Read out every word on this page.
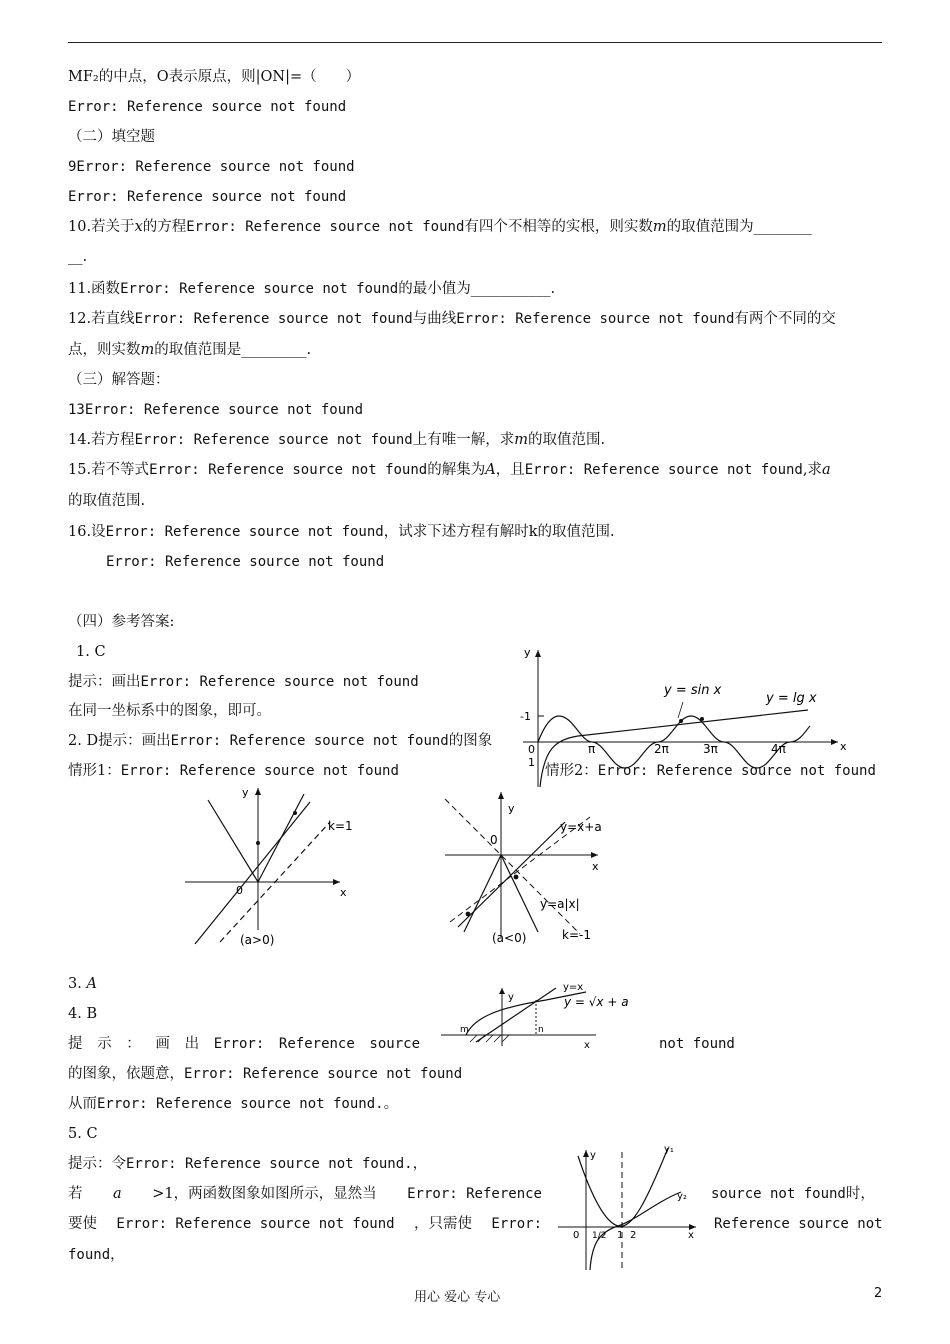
MF₂的中点，O表示原点，则|ON|=（　　）
Error: Reference source not found
（二）填空题
9Error: Reference source not found
Error: Reference source not found
10.若关于x的方程Error: Reference source not found有四个不相等的实根，则实数m的取值范围为________
__.
11.函数Error: Reference source not found的最小值为___________.
12.若直线Error: Reference source not found与曲线Error: Reference source not found有两个不同的交
点，则实数m的取值范围是_________.
（三）解答题：
13Error: Reference source not found
14.若方程Error: Reference source not found上有唯一解，求m的取值范围.
15.若不等式Error: Reference source not found的解集为A，且Error: Reference source not found,求a
的取值范围.
16.设Error: Reference source not found，试求下述方程有解时k的取值范围.
Error: Reference source not found
（四）参考答案:
1. C
提示：画出Error: Reference source not found
在同一坐标系中的图象，即可。
2. D提示：画出Error: Reference source not found的图象
情形1：Error: Reference source not found	情形2：Error: Reference source not found
y
x
y = sin x
y = lg x
-1
1
0	π	2π	3π	4π
y
x
0
k=1
(a>0)
y
x
0
y=x+a
y=a|x|
(a<0)	k=-1
3. A
4. B
提 示 ： 画 出 Error: Reference source	not found
y
x
m	n
y=x
y = √x + a
的图象，依题意，Error: Reference source not found
从而Error: Reference source not found.。
5. C
提示：令Error: Reference source not found.，
若 a >1，两函数图象如图所示，显然当 Error: Reference	source not found时，
要使 Error: Reference source not found ，只需使 Error:	Reference source not
found，
y
x
y₁
y₂
0 1/2 1 2
用心 爱心 专心	2
